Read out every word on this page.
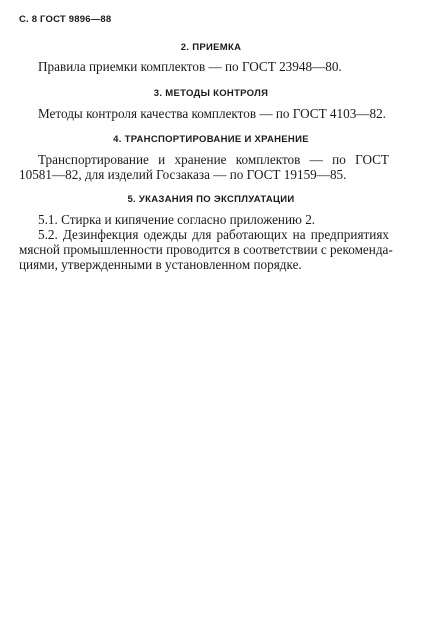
С. 8 ГОСТ 9896—88
2. ПРИЕМКА
Правила приемки комплектов — по ГОСТ 23948—80.
3. МЕТОДЫ КОНТРОЛЯ
Методы контроля качества комплектов — по ГОСТ 4103—82.
4. ТРАНСПОРТИРОВАНИЕ И ХРАНЕНИЕ
Транспортирование и хранение комплектов — по ГОСТ
10581—82, для изделий Госзаказа — по ГОСТ 19159—85.
5. УКАЗАНИЯ ПО ЭКСПЛУАТАЦИИ
5.1. Стирка и кипячение согласно приложению 2.
5.2. Дезинфекция одежды для работающих на предприятиях
мясной промышленности проводится в соответствии с рекоменда-
циями, утвержденными в установленном порядке.
